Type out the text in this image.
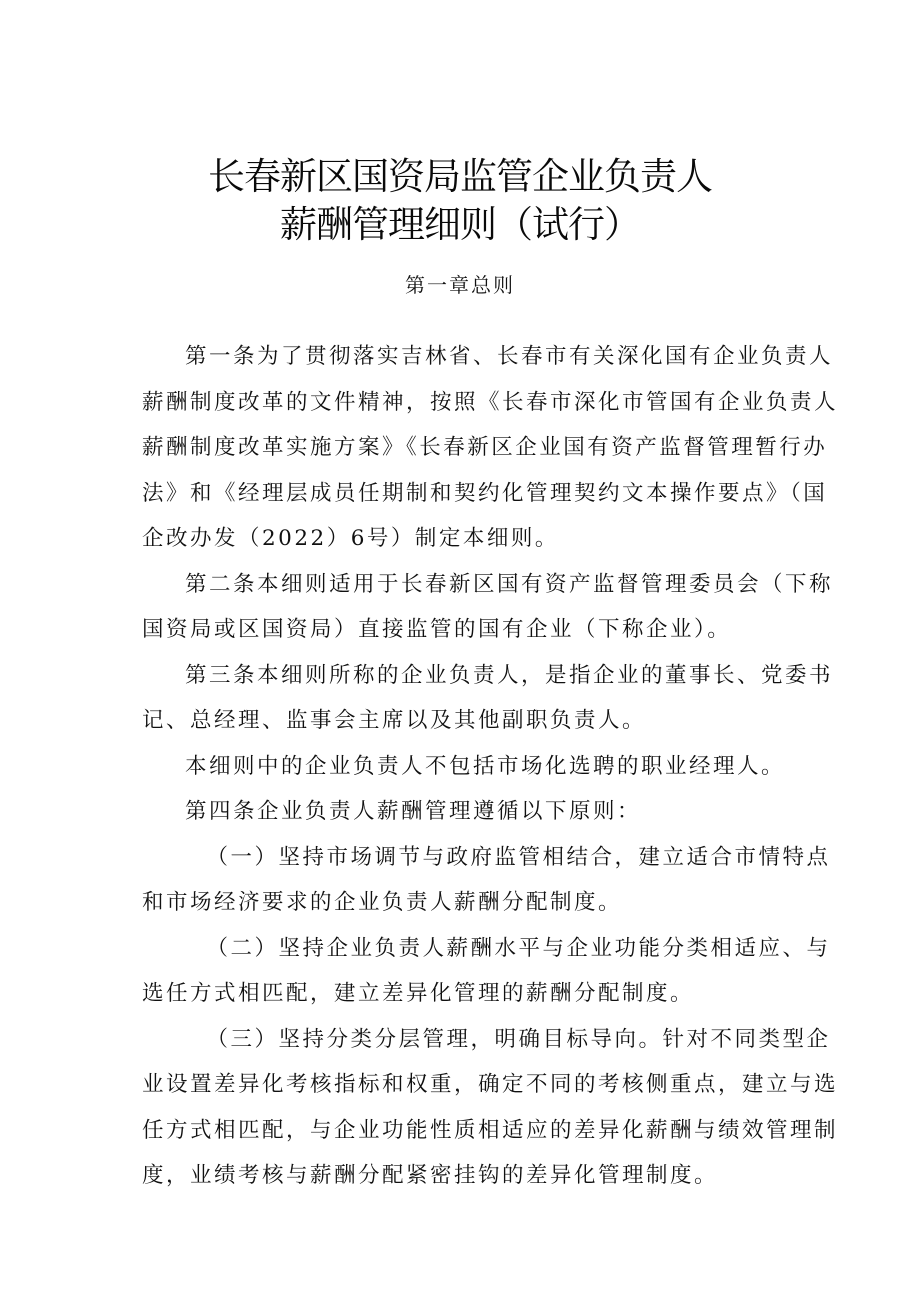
长春新区国资局监管企业负责人
薪酬管理细则（试行）
第一章总则

第一条为了贯彻落实吉林省、长春市有关深化国有企业负责人
薪酬制度改革的文件精神，按照《长春市深化市管国有企业负责人
薪酬制度改革实施方案》《长春新区企业国有资产监督管理暂行办
法》和《经理层成员任期制和契约化管理契约文本操作要点》（国
企改办发（2022）6号）制定本细则。

第二条本细则适用于长春新区国有资产监督管理委员会（下称
国资局或区国资局）直接监管的国有企业（下称企业）。

第三条本细则所称的企业负责人，是指企业的董事长、党委书
记、总经理、监事会主席以及其他副职负责人。

本细则中的企业负责人不包括市场化选聘的职业经理人。

第四条企业负责人薪酬管理遵循以下原则：

（一）坚持市场调节与政府监管相结合，建立适合市情特点
和市场经济要求的企业负责人薪酬分配制度。

（二）坚持企业负责人薪酬水平与企业功能分类相适应、与
选任方式相匹配，建立差异化管理的薪酬分配制度。

（三）坚持分类分层管理，明确目标导向。针对不同类型企
业设置差异化考核指标和权重，确定不同的考核侧重点，建立与选
任方式相匹配，与企业功能性质相适应的差异化薪酬与绩效管理制
度，业绩考核与薪酬分配紧密挂钩的差异化管理制度。
